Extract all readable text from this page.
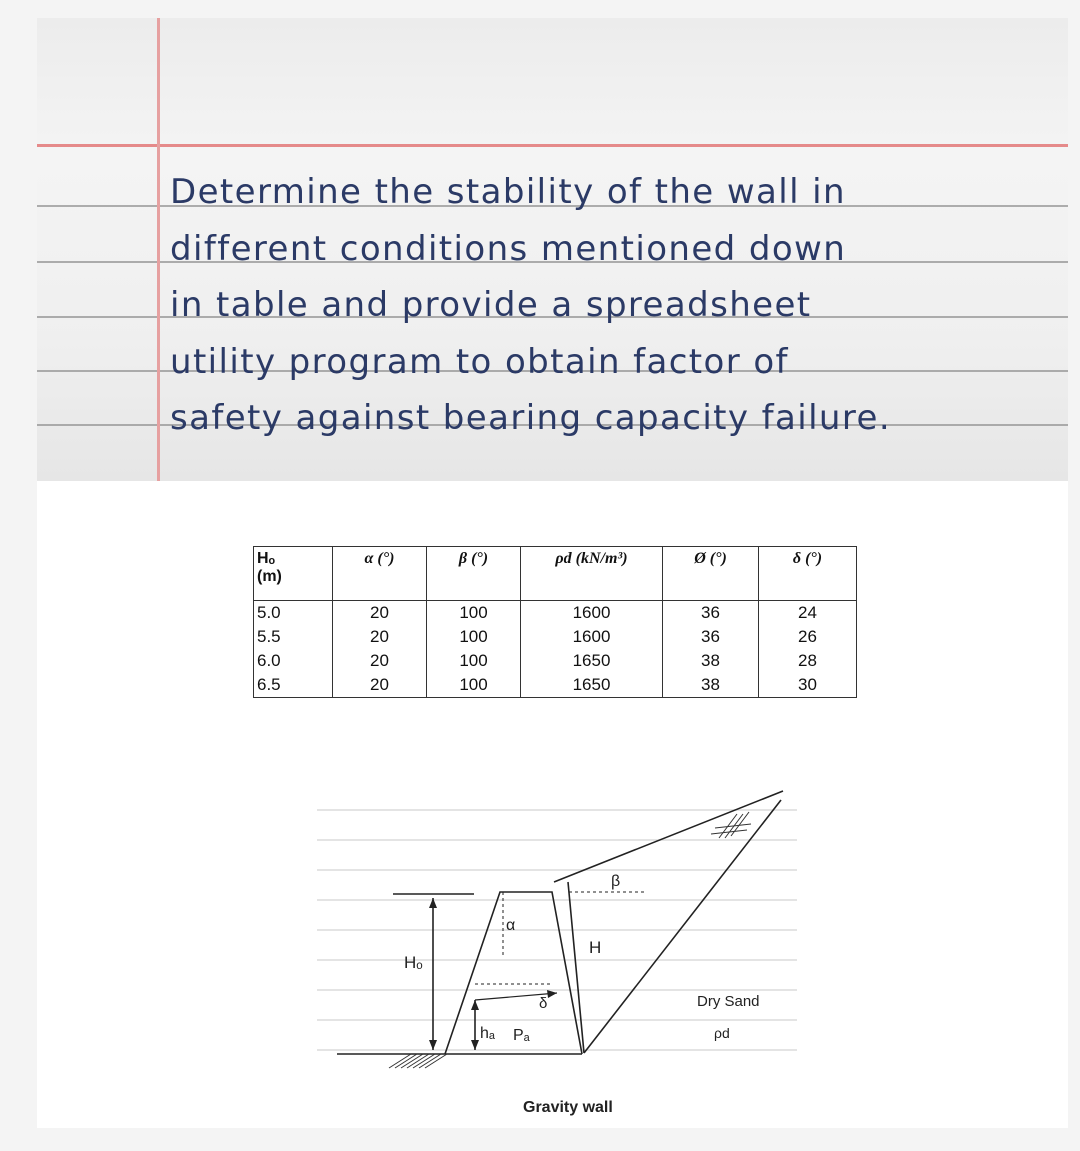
Determine the stability of the wall in
different conditions mentioned down
in table and provide a spreadsheet
utility program to obtain factor of
safety against bearing capacity failure.
Hₒ
(m)	α (°)	β (°)	ρd (kN/m³)	Ø (°)	δ (°)
5.0	20	100	1600	36	24
5.5	20	100	1600	36	26
6.0	20	100	1650	38	28
6.5	20	100	1650	38	30
β
α
H
Hₒ
δ
hₐ Pₐ
Dry Sand
ρd
Gravity wall
